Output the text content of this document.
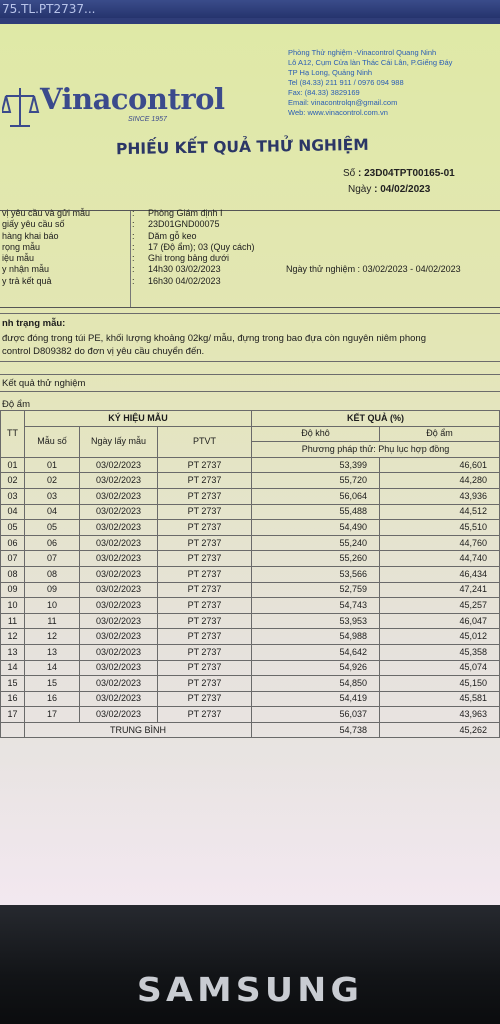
75.TL.PT2737...
Vinacontrol
SINCE 1957
Phòng Thử nghiệm -Vinacontrol Quang Ninh
Lô A12, Cụm Cửa làn Thác Cái Lân, P.Giếng Đáy
TP Hạ Long, Quảng Ninh
Tel (84.33) 211 911 / 0976 094 988
Fax: (84.33) 3829169
Email: vinacontrolqn@gmail.com
Web: www.vinacontrol.com.vn
PHIẾU KẾT QUẢ THỬ NGHIỆM
Số : 23D04TPT00165-01
Ngày : 04/02/2023
vị yêu cầu và gửi mẫu	: Phòng Giám định I
giấy yêu cầu số	: 23D01GND00075
hàng khai báo	: Dăm gỗ keo
rọng mẫu	: 17 (Độ ẩm); 03 (Quy cách)
iệu mẫu	: Ghi trong bảng dưới
y nhận mẫu	: 14h30 03/02/2023	Ngày thử nghiệm : 03/02/2023 - 04/02/2023
y trả kết quả	: 16h30 04/02/2023
nh trạng mẫu:
được đóng trong túi PE, khối lượng khoảng 02kg/ mẫu, đựng trong bao đựa còn nguyên niêm phong
control D809382 do đơn vị yêu cầu chuyển đến.
Kết quả thử nghiệm
Độ ẩm
TT	KÝ HIỆU MẪU			KẾT QUẢ (%)	
	Mẫu số	Ngày lấy mẫu	PTVT	Độ khô	Độ ẩm
				Phương pháp thử: Phụ lục hợp đồng	
01	01	03/02/2023	PT 2737	53,399	46,601
02	02	03/02/2023	PT 2737	55,720	44,280
03	03	03/02/2023	PT 2737	56,064	43,936
04	04	03/02/2023	PT 2737	55,488	44,512
05	05	03/02/2023	PT 2737	54,490	45,510
06	06	03/02/2023	PT 2737	55,240	44,760
07	07	03/02/2023	PT 2737	55,260	44,740
08	08	03/02/2023	PT 2737	53,566	46,434
09	09	03/02/2023	PT 2737	52,759	47,241
10	10	03/02/2023	PT 2737	54,743	45,257
11	11	03/02/2023	PT 2737	53,953	46,047
12	12	03/02/2023	PT 2737	54,988	45,012
13	13	03/02/2023	PT 2737	54,642	45,358
14	14	03/02/2023	PT 2737	54,926	45,074
15	15	03/02/2023	PT 2737	54,850	45,150
16	16	03/02/2023	PT 2737	54,419	45,581
17	17	03/02/2023	PT 2737	56,037	43,963
	TRUNG BÌNH			54,738	45,262
SAMSUNG
